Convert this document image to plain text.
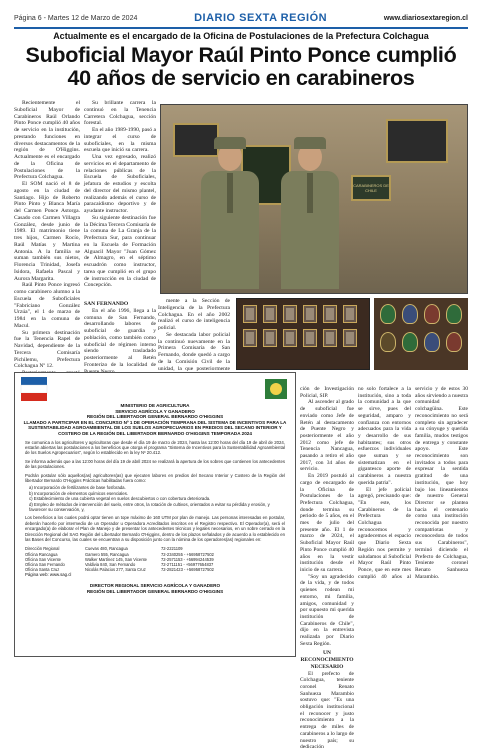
Página 6 - Martes 12 de Marzo de 2024	DIARIO SEXTA REGIÓN	www.diariosextaregion.cl
Actualmente es el encargado de la Oficina de Postulaciones de la Prefectura Colchagua
Suboficial Mayor Raúl Pinto Ponce cumplió 40 años de servicio en carabineros

Recientemente el Suboficial Mayor de Carabineros Raúl Orlando Pinto Ponce cumplió 40 años de servicio en la institución, prestando funciones en diversos destacamentos de la región de O'Higgins. Actualmente es el encargado de la Oficina de Postulaciones de la Prefectura Colchagua.

El SOM nació el 8 de agosto en la ciudad de Santiago. Hijo de Roberto Pinto Pinto y Blanca María del Carmen Ponce Astorga. Casado con Carmen Villagra González, desde junio de 1989. El matrimonio tiene tres hijos, Carmen Rocío, Raúl Matías y Martina Antonia. A la familia se suman también sus nietos, Florencia Trinidad, Josefa Isidora, Rafaela Pascal y Aurora Margarita.

Raúl Pinto Ponce ingresó como carabinero alumno a la Escuela de Suboficiales "Fabriciano González Urzúa", el 1 de marzo de 1984 en la comuna de Macul.

Su primera destinación fue la Tenencia Rapel de Navidad, dependiente de la Tercera Comisaría Pichilemu, Prefectura Colchagua Nº 12.

Su brillante carrera la continuó en la Tenencia Carretera Colchagua, sección forestal.

En el año 1989-1990, pasó a integrar el curso de suboficiales, en la misma escuela que inició su carrera.

Una vez egresado, realizó servicios en el departamento de relaciones públicas de la Escuela de Suboficiales, jefatura de estudios y escolta del director del mismo plantel, realizando además el curso de paracaidismo deportivo y de ayudante instructor.

Su siguiente destinación fue la Décima Tercera Comisaría de la comuna de La Granja de la Prefectura Sur, para continuar en la Escuela de Formación Alguacil Mayor "Juan Gómez de Almagro, en el séptimo escuadrón como instructor, tarea que cumplió en el grupo de instrucción en la ciudad de Concepción.

CARABINEROS DE CHILE

SAN FERNANDO

En el año 1996, llega a la comuna de San Fernando, desarrollando labores de suboficial de guardia y población, como también como suboficial de régimen interno siendo trasladado posteriormente al Retén Fronterizo de la localidad de

mente a la Sección de Inteligencia de la Prefectura Colchagua. En el año 2002 realizó el curso de inteligencia policial.

Se destacada labor policial la continuó nuevamente en la Primera Comisaría de San Fernando, donde quedó a cargo de la Comisión Civil de la unidad, la que posteriormente

MINISTERIO DE AGRICULTURA
SERVICIO AGRÍCOLA Y GANADERO
REGIÓN DEL LIBERTADOR GENERAL BERNARDO O'HIGGINS
LLAMADO A PARTICIPAR EN EL CONCURSO Nº 1 DE OPERACIÓN TEMPRANA DEL SISTEMA DE INCENTIVOS PARA LA SUSTENTABILIDAD AGROAMBIENTAL DE LOS SUELOS AGROPECUARIOS EN PREDIOS DEL SECANO INTERIOR Y COSTERO DE LA REGIÓN DEL LIBERTADOR BERNARDO O'HIGGINS TEMPORADA 2024
Se comunica a los agricultores y agricultoras que desde el día 19 de marzo de 2024, hasta las 12:00 horas del día 19 de abril de 2024, estarán abiertas las postulaciones a los beneficios que otorga el programa "Sistema de Incentivos para la Sustentabilidad Agroambiental de los Suelos Agropecuarios", según lo establecido en la ley Nº 20.412.
Se informa además que a las 12:00 horas del día 19 de abril 2024 se realizará la apertura de los sobres que contienen los antecedentes de las postulaciones.
Podrán postular sólo aquellos(as) agricultores(as) que ejecuten labores en predios del Secano Interior y Costero de la Región del libertador Bernardo O'Higgins Prácticas habilitadas fuera como:
a) Incorporación de fertilizantes de base fosforada.
b) Incorporación de elementos químicos esenciales.
c) Establecimiento de una cubierta vegetal en suelos descubiertos o con cobertura deteriorada.
d) Empleo de métodos de intervención del suelo, entre otros, la rotación de cultivos, orientados a evitar su pérdida y erosión, y favorecer su conservación, y,
Los beneficios a los cuales podrá optar tienen un tope máximo de 160 UTM por plan de manejo. Las personas interesadas en postular, deberán hacerlo por intermedio de un Operador u Operadora Acreditados inscritos en el Registro respectivo. El Operador(a), será el encargado(a) de elaborar el Plan de Manejo y de presentar los antecedentes técnicos y legales necesarios, en un sobre cerrado en la Dirección Regional del SAG Región del Libertador Bernardo O'Higgins, dentro de los plazos señalados y de acuerdo a lo establecido en las Bases del Concurso, las cuales se encuentran a su disposición junto con la nómina de los operadores(as) regionales en:
Dirección Regional	Cuevas 480, Rancagua	72-2221109
Oficina Rancagua	Gamero 555, Rancagua	72-2340255 - +56958727502
Oficina San Vicente	Walker Martínez 145, San Vicente	72-2571153 - +56994244539
Oficina San Fernando	Valdivia 840, San Fernando	72-2711151 - +56977654837
Oficina Santa Cruz	Nicolás Palacios 277, Santa Cruz	72-2821423 - +56958727502
Página web: www.sag.cl
DIRECTOR REGIONAL SERVICIO AGRÍCOLA Y GANADERO
REGIÓN DEL LIBERTADOR GENERAL BERNARDO O'HIGGINS

ción de Investigación Policial, SIP.

Al ascender al grado de suboficial fue enviado como Jefe de Retén al destacamento de Puente Negro y posteriormente el año 2012 como jefe de Tenencia Nancagua, pasando a retiro el año 2017, con 34 años de servicio.

En 2019 postuló al cargo de encargado de la Oficina de Postulaciones de la Prefectura Colchagua, donde termina su periodo de 5 años, en el mes de julio del presente año. El 1 de marzo de 2024, el Suboficial Mayor Raúl Pinto Ponce cumplió 40 años en la vestir institución desde el inicio de su carrera.

"Soy un agradecido de la vida, y de todos quienes rodean mi entorno, mi familia, amigos, comunidad y por supuesto mi querida institución de Carabineros de Chile", dijo en la entrevista realizada por Diario Sexta Región.

UN RECONOCIMIENTO NECESARIO

El prefecto de Colchagua, teniente coronel Renato Sanhueza Marambio sostuvo que: "Es una obligación institucional el reconocer y justo reconocimiento a la entrega de miles de carabineros a lo largo de nuestro país; su dedicación

no solo fortalece a la institución, sino a toda la comunidad a la que se sirve, pues del seguridad, amparo y confianza con entornos adecuados para la vida y desarrollo de sus habitantes; sus otros esfuerzos individuales que suman y se sistematizan en el gigantesco aporte de carabineros a nuestra querida patria".

El jefe policial agregó, precisando que: "En este, los Carabineros de la Prefectura de Colchagua reconocemos y agradecemos el espacio que Diario Sexta Región nos permite y saludamos al Suboficial Mayor Raúl Pinto Ponce, que en este mes cumplió 40 años al servicio y de estos 30 años sirviendo a nuestra comunidad colchagüina. Este reconocimiento no será completo sin agradecer a su cónyuge y querida familia, mudos testigos de entrega y constante apoyo. Este reconocimiento son invitados a todos para expresar la sentida gratitud de una institución, que hoy bajo los lineamientos de nuestro General Director se plantea hacia el centenario como una institución reconocida por nuestro compatriotas y reconocedora de todos sus Carabineros", terminó diciendo el Prefecto de Colchagua, Teniente coronel Renato Sanhueza Marambio.
